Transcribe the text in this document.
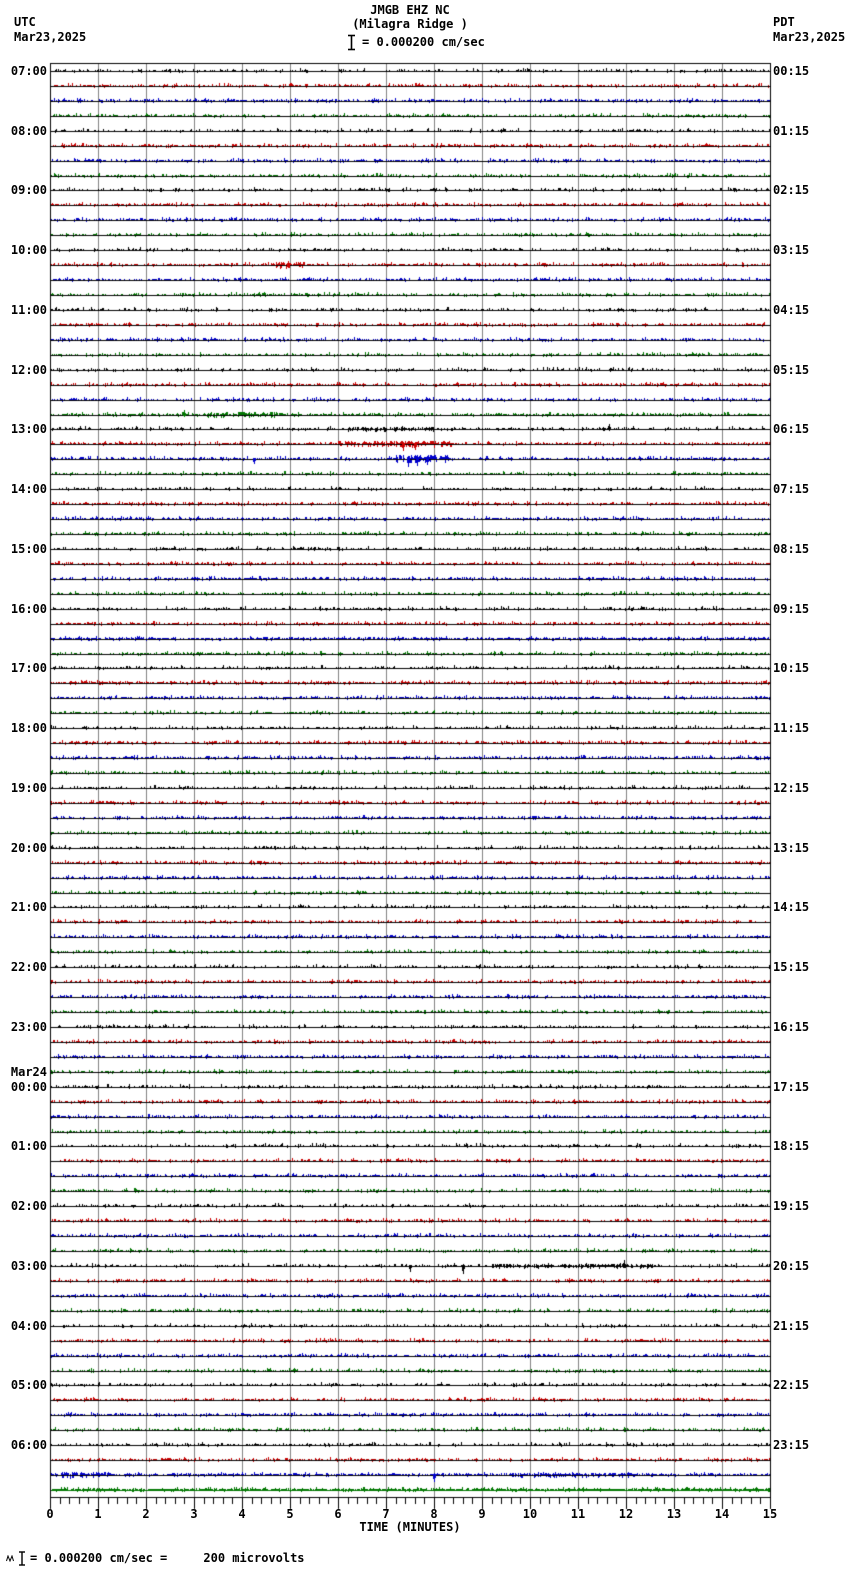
JMGB EHZ NC
(Milagra Ridge )
= 0.000200 cm/sec
UTC
Mar23,2025
PDT
Mar23,2025
TIME (MINUTES)
= 0.000200 cm/sec =     200 microvolts
07:00
08:00
09:00
10:00
11:00
12:00
13:00
14:00
15:00
16:00
17:00
18:00
19:00
20:00
21:00
22:00
23:00
Mar24
00:00
01:00
02:00
03:00
04:00
05:00
06:00
00:15
01:15
02:15
03:15
04:15
05:15
06:15
07:15
08:15
09:15
10:15
11:15
12:15
13:15
14:15
15:15
16:15
17:15
18:15
19:15
20:15
21:15
22:15
23:15
0	1	2	3	4	5	6	7	8	9	10	11	12	13	14	15
